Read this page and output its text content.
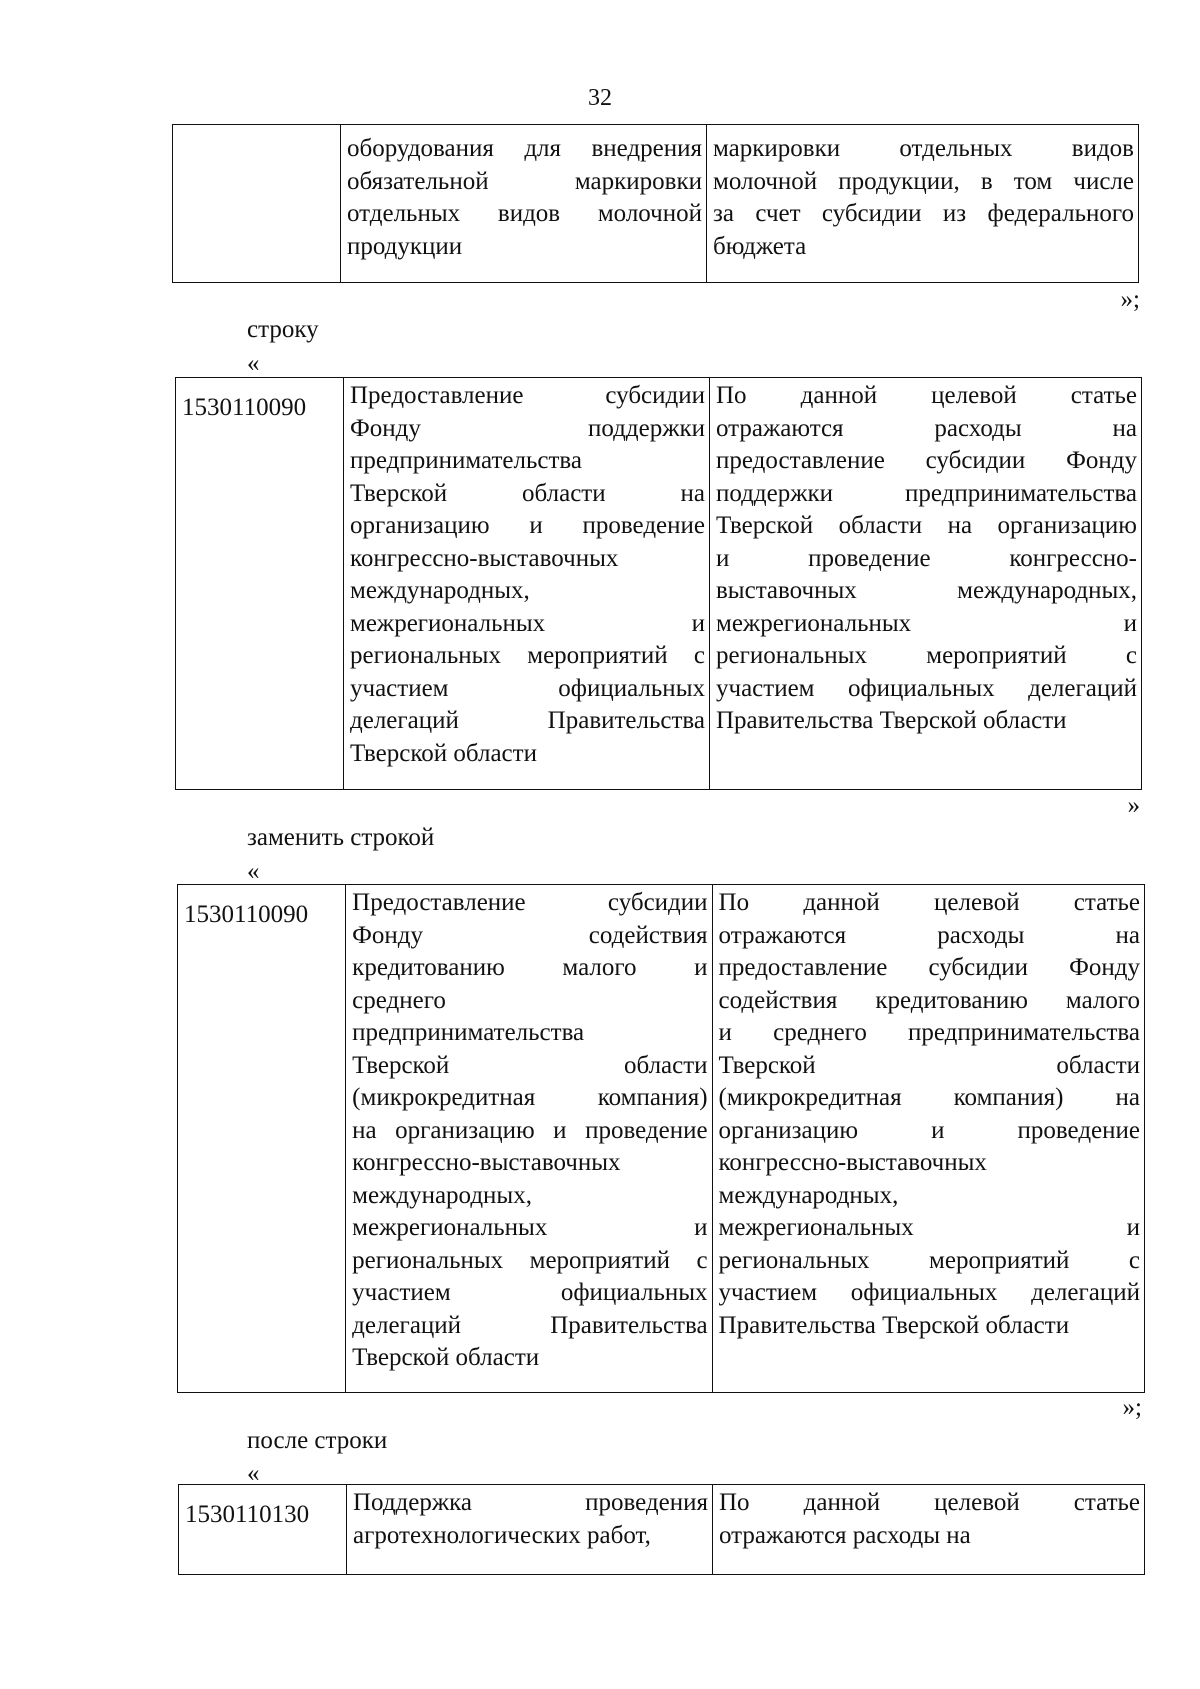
32

оборудования для внедрения
обязательной маркировки
отдельных видов молочной
продукции

маркировки отдельных видов
молочной продукции, в том числе
за счет субсидии из федерального
бюджета
»;
строку
«
1530110090	Предоставление субсидии
Фонду поддержки
предпринимательства
Тверской области на
организацию и проведение
конгрессно-выставочных
международных,
межрегиональных и
региональных мероприятий с
участием официальных
делегаций Правительства
Тверской области

По данной целевой статье
отражаются расходы на
предоставление субсидии Фонду
поддержки предпринимательства
Тверской области на организацию
и проведение конгрессно-
выставочных международных,
межрегиональных и
региональных мероприятий с
участием официальных делегаций
Правительства Тверской области
»
заменить строкой
«
1530110090	Предоставление субсидии
Фонду содействия
кредитованию малого и
среднего
предпринимательства
Тверской области
(микрокредитная компания)
на организацию и проведение
конгрессно-выставочных
международных,
межрегиональных и
региональных мероприятий с
участием официальных
делегаций Правительства
Тверской области

По данной целевой статье
отражаются расходы на
предоставление субсидии Фонду
содействия кредитованию малого
и среднего предпринимательства
Тверской области
(микрокредитная компания) на
организацию и проведение
конгрессно-выставочных
международных,
межрегиональных и
региональных мероприятий с
участием официальных делегаций
Правительства Тверской области
»;
после строки
«
1530110130	Поддержка проведения
агротехнологических работ,

По данной целевой статье
отражаются расходы на
